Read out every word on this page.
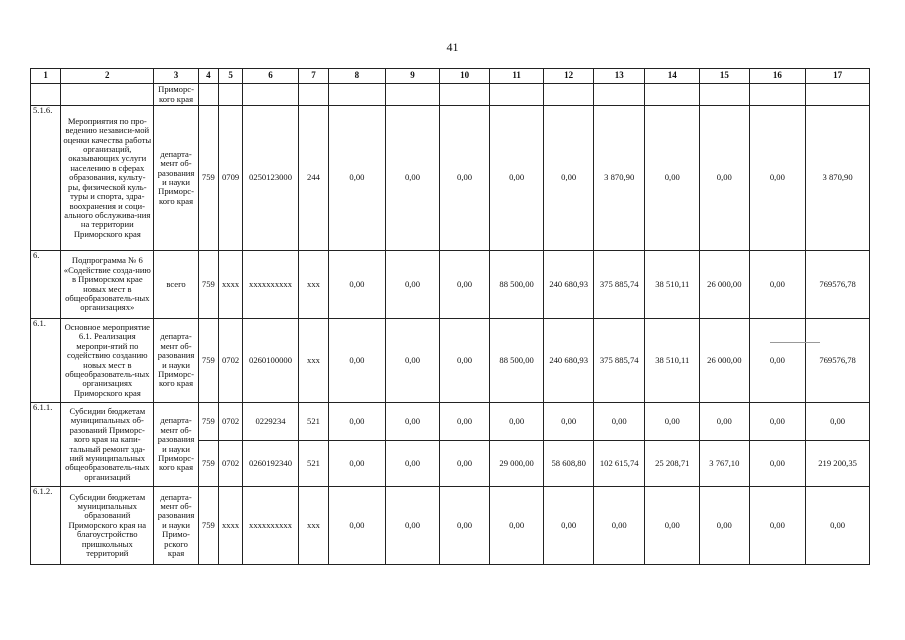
41
1	2	3	4	5	6	7	8	9	10	11	12	13	14	15	16	17
		Приморс-кого края														
5.1.6.	Мероприятия по про-ведению независи-мой оценки качества работы организаций, оказывающих услуги населению в сферах образования, культу-ры, физической куль-туры и спорта, здра-воохранения и соци-ального обслужива-ния на территории Приморского края	департа-мент об-разования и науки Приморс-кого края	759	0709	0250123000	244	0,00	0,00	0,00	0,00	0,00	3 870,90	0,00	0,00	0,00	3 870,90
6.	Подпрограмма № 6 «Содействие созда-нию в Приморском крае новых мест в общеобразователь-ных организациях»	всего	759	хххх	хххххххххх	ххх	0,00	0,00	0,00	88 500,00	240 680,93	375 885,74	38 510,11	26 000,00	0,00	769576,78
6.1.	Основное мероприятие 6.1. Реализация меропри-ятий по содействию созданию новых мест в общеобразователь-ных организациях Приморского края	департа-мент об-разования и науки Приморс-кого края	759	0702	0260100000	ххх	0,00	0,00	0,00	88 500,00	240 680,93	375 885,74	38 510,11	26 000,00	0,00	769576,78
6.1.1.	Субсидии бюджетам муниципальных об-разований Приморс-кого края на капи-тальный ремонт зда-ний муниципальных общеобразователь-ных организаций	департа-мент об-разования и науки Приморс-кого края	759	0702	0229234	521	0,00	0,00	0,00	0,00	0,00	0,00	0,00	0,00	0,00	0,00
			759	0702	0260192340	521	0,00	0,00	0,00	29 000,00	58 608,80	102 615,74	25 208,71	3 767,10	0,00	219 200,35
6.1.2.	Субсидии бюджетам муниципальных образований Приморского края на благоустройство пришкольных территорий	департа-мент об-разования и науки Примо-рского края	759	хххх	хххххххххх	ххх	0,00	0,00	0,00	0,00	0,00	0,00	0,00	0,00	0,00	0,00
